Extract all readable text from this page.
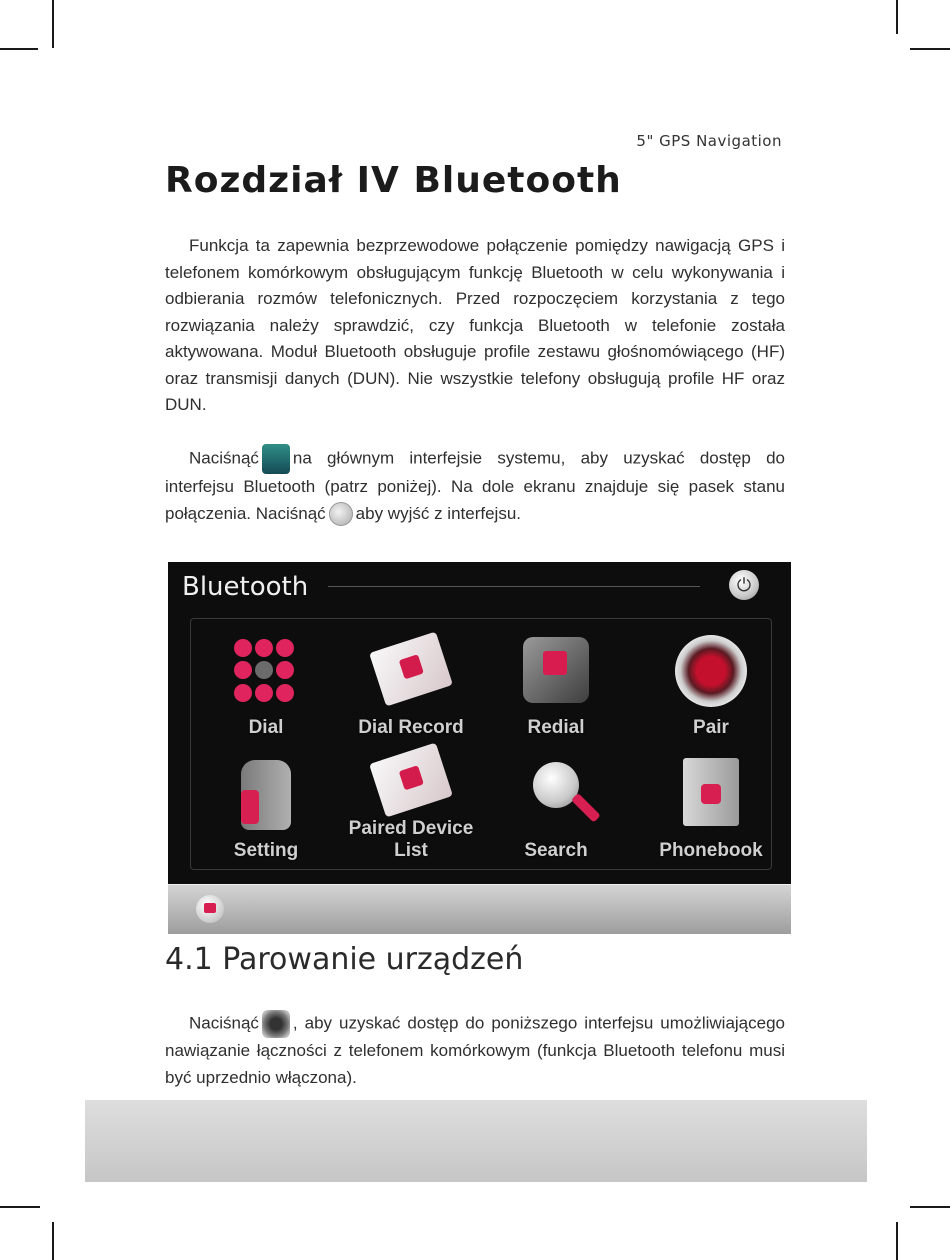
5" GPS Navigation
Rozdział IV Bluetooth

Funkcja ta zapewnia bezprzewodowe połączenie pomiędzy nawigacją GPS i telefonem komórkowym obsługującym funkcję Bluetooth w celu wykonywania i odbierania rozmów telefonicznych. Przed rozpoczęciem korzystania z tego rozwiązania należy sprawdzić, czy funkcja Bluetooth w telefonie została aktywowana. Moduł Bluetooth obsługuje profile zestawu głośnomówiącego (HF) oraz transmisji danych (DUN). Nie wszystkie telefony obsługują profile HF oraz DUN.

Naciśnąć na głównym interfejsie systemu, aby uzyskać dostęp do interfejsu Bluetooth (patrz poniżej). Na dole ekranu znajduje się pasek stanu połączenia. Naciśnąć aby wyjść z interfejsu.

Bluetooth	⏻
Dial	Dial Record	Redial	Pair
Setting
Paired Device
List	Search	Phonebook
4.1 Parowanie urządzeń

Naciśnąć , aby uzyskać dostęp do poniższego interfejsu umożliwiającego nawiązanie łączności z telefonem komórkowym (funkcja Bluetooth telefonu musi być uprzednio włączona).
